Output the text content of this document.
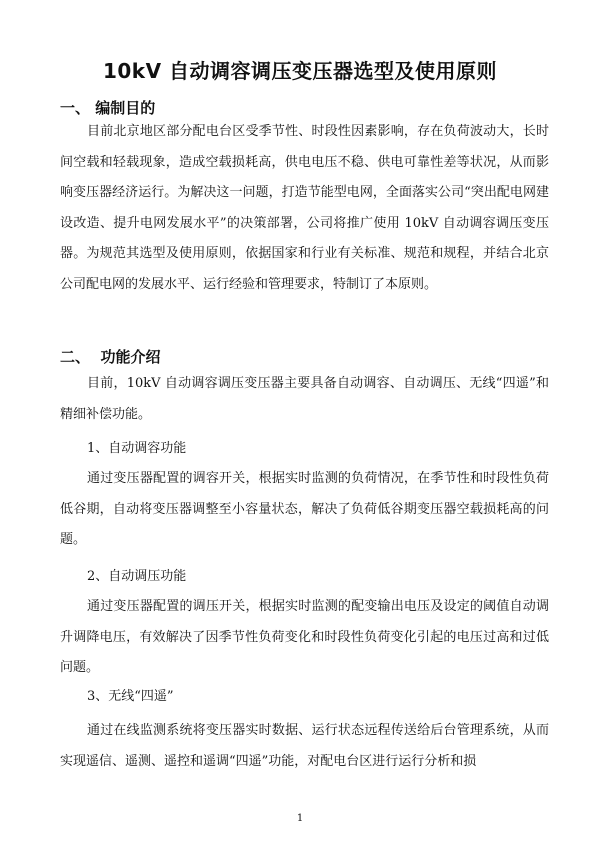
10kV 自动调容调压变压器选型及使用原则
一、 编制目的
目前北京地区部分配电台区受季节性、时段性因素影响，存在负荷波动大，长时间空载和轻载现象，造成空载损耗高，供电电压不稳、供电可靠性差等状况，从而影响变压器经济运行。为解决这一问题，打造节能型电网，全面落实公司“突出配电网建设改造、提升电网发展水平”的决策部署，公司将推广使用 10kV 自动调容调压变压器。为规范其选型及使用原则，依据国家和行业有关标准、规范和规程，并结合北京公司配电网的发展水平、运行经验和管理要求，特制订了本原则。
二、  功能介绍
目前，10kV 自动调容调压变压器主要具备自动调容、自动调压、无线“四遥”和精细补偿功能。
1、自动调容功能
通过变压器配置的调容开关，根据实时监测的负荷情况，在季节性和时段性负荷低谷期，自动将变压器调整至小容量状态，解决了负荷低谷期变压器空载损耗高的问题。
2、自动调压功能
通过变压器配置的调压开关，根据实时监测的配变输出电压及设定的阈值自动调升调降电压，有效解决了因季节性负荷变化和时段性负荷变化引起的电压过高和过低问题。
3、无线“四遥”
通过在线监测系统将变压器实时数据、运行状态远程传送给后台管理系统，从而实现遥信、遥测、遥控和遥调“四遥”功能，对配电台区进行运行分析和损
1
